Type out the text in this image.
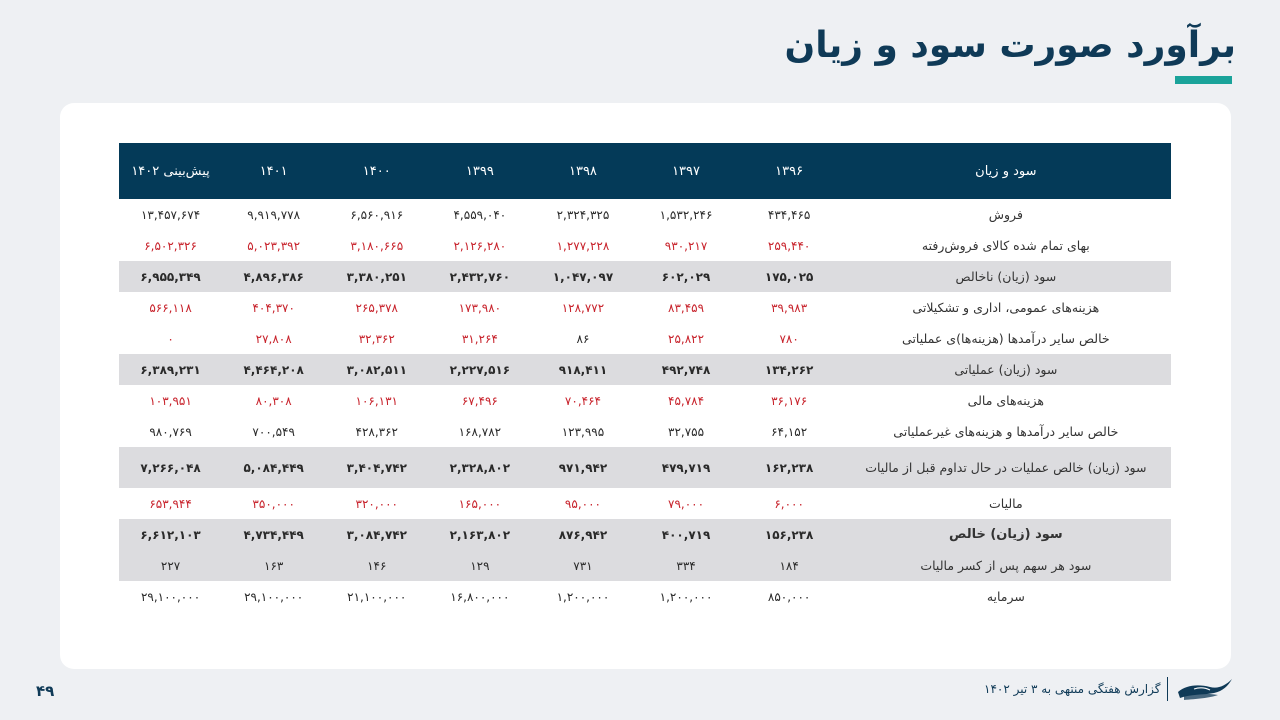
برآورد صورت سود و زیان
سود و زیان	۱۳۹۶	۱۳۹۷	۱۳۹۸	۱۳۹۹	۱۴۰۰	۱۴۰۱	پیش‌بینی ۱۴۰۲
فروش	۴۳۴,۴۶۵	۱,۵۳۲,۲۴۶	۲,۳۲۴,۳۲۵	۴,۵۵۹,۰۴۰	۶,۵۶۰,۹۱۶	۹,۹۱۹,۷۷۸	۱۳,۴۵۷,۶۷۴
بهای تمام شده کالای فروش‌رفته	۲۵۹,۴۴۰	۹۳۰,۲۱۷	۱,۲۷۷,۲۲۸	۲,۱۲۶,۲۸۰	۳,۱۸۰,۶۶۵	۵,۰۲۳,۳۹۲	۶,۵۰۲,۳۲۶
سود (زیان) ناخالص	۱۷۵,۰۲۵	۶۰۲,۰۲۹	۱,۰۴۷,۰۹۷	۲,۴۳۲,۷۶۰	۳,۳۸۰,۲۵۱	۴,۸۹۶,۳۸۶	۶,۹۵۵,۳۴۹
هزینه‌های عمومی، اداری و تشکیلاتی	۳۹,۹۸۳	۸۳,۴۵۹	۱۲۸,۷۷۲	۱۷۳,۹۸۰	۲۶۵,۳۷۸	۴۰۴,۳۷۰	۵۶۶,۱۱۸
خالص سایر درآمدها (هزینه‌ها)ی عملیاتی	۷۸۰	۲۵,۸۲۲	۸۶	۳۱,۲۶۴	۳۲,۳۶۲	۲۷,۸۰۸	۰
سود (زیان) عملیاتی	۱۳۴,۲۶۲	۴۹۲,۷۴۸	۹۱۸,۴۱۱	۲,۲۲۷,۵۱۶	۳,۰۸۲,۵۱۱	۴,۴۶۴,۲۰۸	۶,۳۸۹,۲۳۱
هزینه‌های مالی	۳۶,۱۷۶	۴۵,۷۸۴	۷۰,۴۶۴	۶۷,۴۹۶	۱۰۶,۱۳۱	۸۰,۳۰۸	۱۰۳,۹۵۱
خالص سایر درآمدها و هزینه‌های غیرعملیاتی	۶۴,۱۵۲	۳۲,۷۵۵	۱۲۳,۹۹۵	۱۶۸,۷۸۲	۴۲۸,۳۶۲	۷۰۰,۵۴۹	۹۸۰,۷۶۹
سود (زیان) خالص عملیات در حال تداوم قبل از مالیات	۱۶۲,۲۳۸	۴۷۹,۷۱۹	۹۷۱,۹۴۲	۲,۳۲۸,۸۰۲	۳,۴۰۴,۷۴۲	۵,۰۸۴,۴۴۹	۷,۲۶۶,۰۴۸
مالیات	۶,۰۰۰	۷۹,۰۰۰	۹۵,۰۰۰	۱۶۵,۰۰۰	۳۲۰,۰۰۰	۳۵۰,۰۰۰	۶۵۳,۹۴۴
سود (زیان) خالص	۱۵۶,۲۳۸	۴۰۰,۷۱۹	۸۷۶,۹۴۲	۲,۱۶۳,۸۰۲	۳,۰۸۴,۷۴۲	۴,۷۳۴,۴۴۹	۶,۶۱۲,۱۰۳
سود هر سهم پس از کسر مالیات	۱۸۴	۳۳۴	۷۳۱	۱۲۹	۱۴۶	۱۶۳	۲۲۷
سرمایه	۸۵۰,۰۰۰	۱,۲۰۰,۰۰۰	۱,۲۰۰,۰۰۰	۱۶,۸۰۰,۰۰۰	۲۱,۱۰۰,۰۰۰	۲۹,۱۰۰,۰۰۰	۲۹,۱۰۰,۰۰۰
۴۹	گزارش هفتگی منتهی به ۳ تیر ۱۴۰۲
